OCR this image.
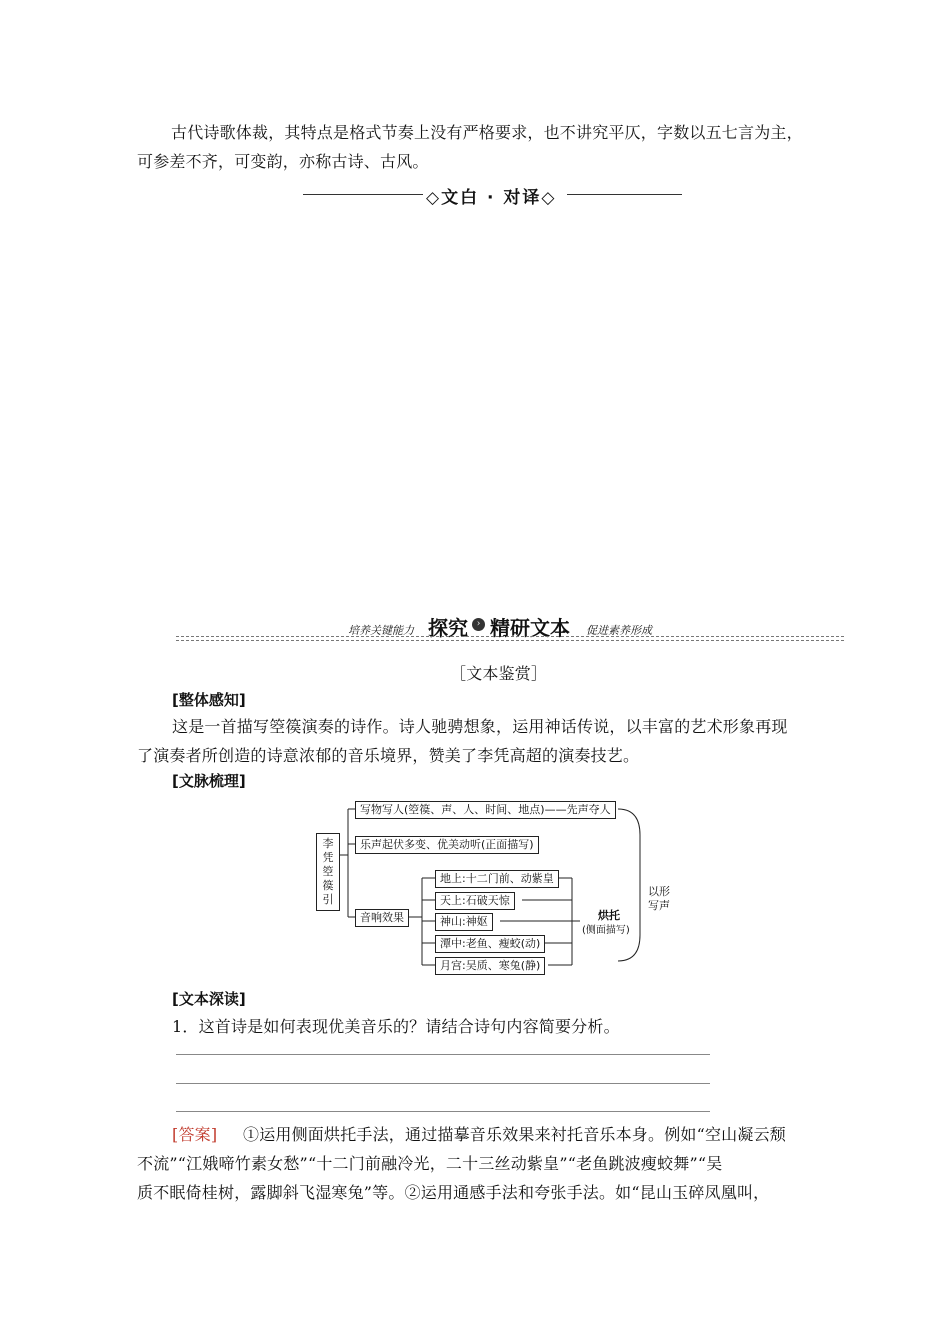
古代诗歌体裁，其特点是格式节奏上没有严格要求，也不讲究平仄，字数以五七言为主，
可参差不齐，可变韵，亦称古诗、古风。
◇文白 · 对译◇
培养关键能力 探究 › 精研文本 促进素养形成
［文本鉴赏］
[整体感知]
这是一首描写箜篌演奏的诗作。诗人驰骋想象，运用神话传说，以丰富的艺术形象再现
了演奏者所创造的诗意浓郁的音乐境界，赞美了李凭高超的演奏技艺。
[文脉梳理]
李凭箜篌引
写物写人(箜篌、声、人、时间、地点)——先声夺人
乐声起伏多变、优美动听(正面描写)
音响效果
地上:十二门前、动紫皇
天上:石破天惊
神山:神妪
潭中:老鱼、瘦蛟(动)
月宫:吴质、寒兔(静)
烘托
(侧面描写)
以形
写声
[文本深读]
1．这首诗是如何表现优美音乐的？请结合诗句内容简要分析。
[答案] ①运用侧面烘托手法，通过描摹音乐效果来衬托音乐本身。例如“空山凝云颓
不流”“江娥啼竹素女愁”“十二门前融冷光，二十三丝动紫皇”“老鱼跳波瘦蛟舞”“吴
质不眠倚桂树，露脚斜飞湿寒兔”等。②运用通感手法和夸张手法。如“昆山玉碎凤凰叫，
